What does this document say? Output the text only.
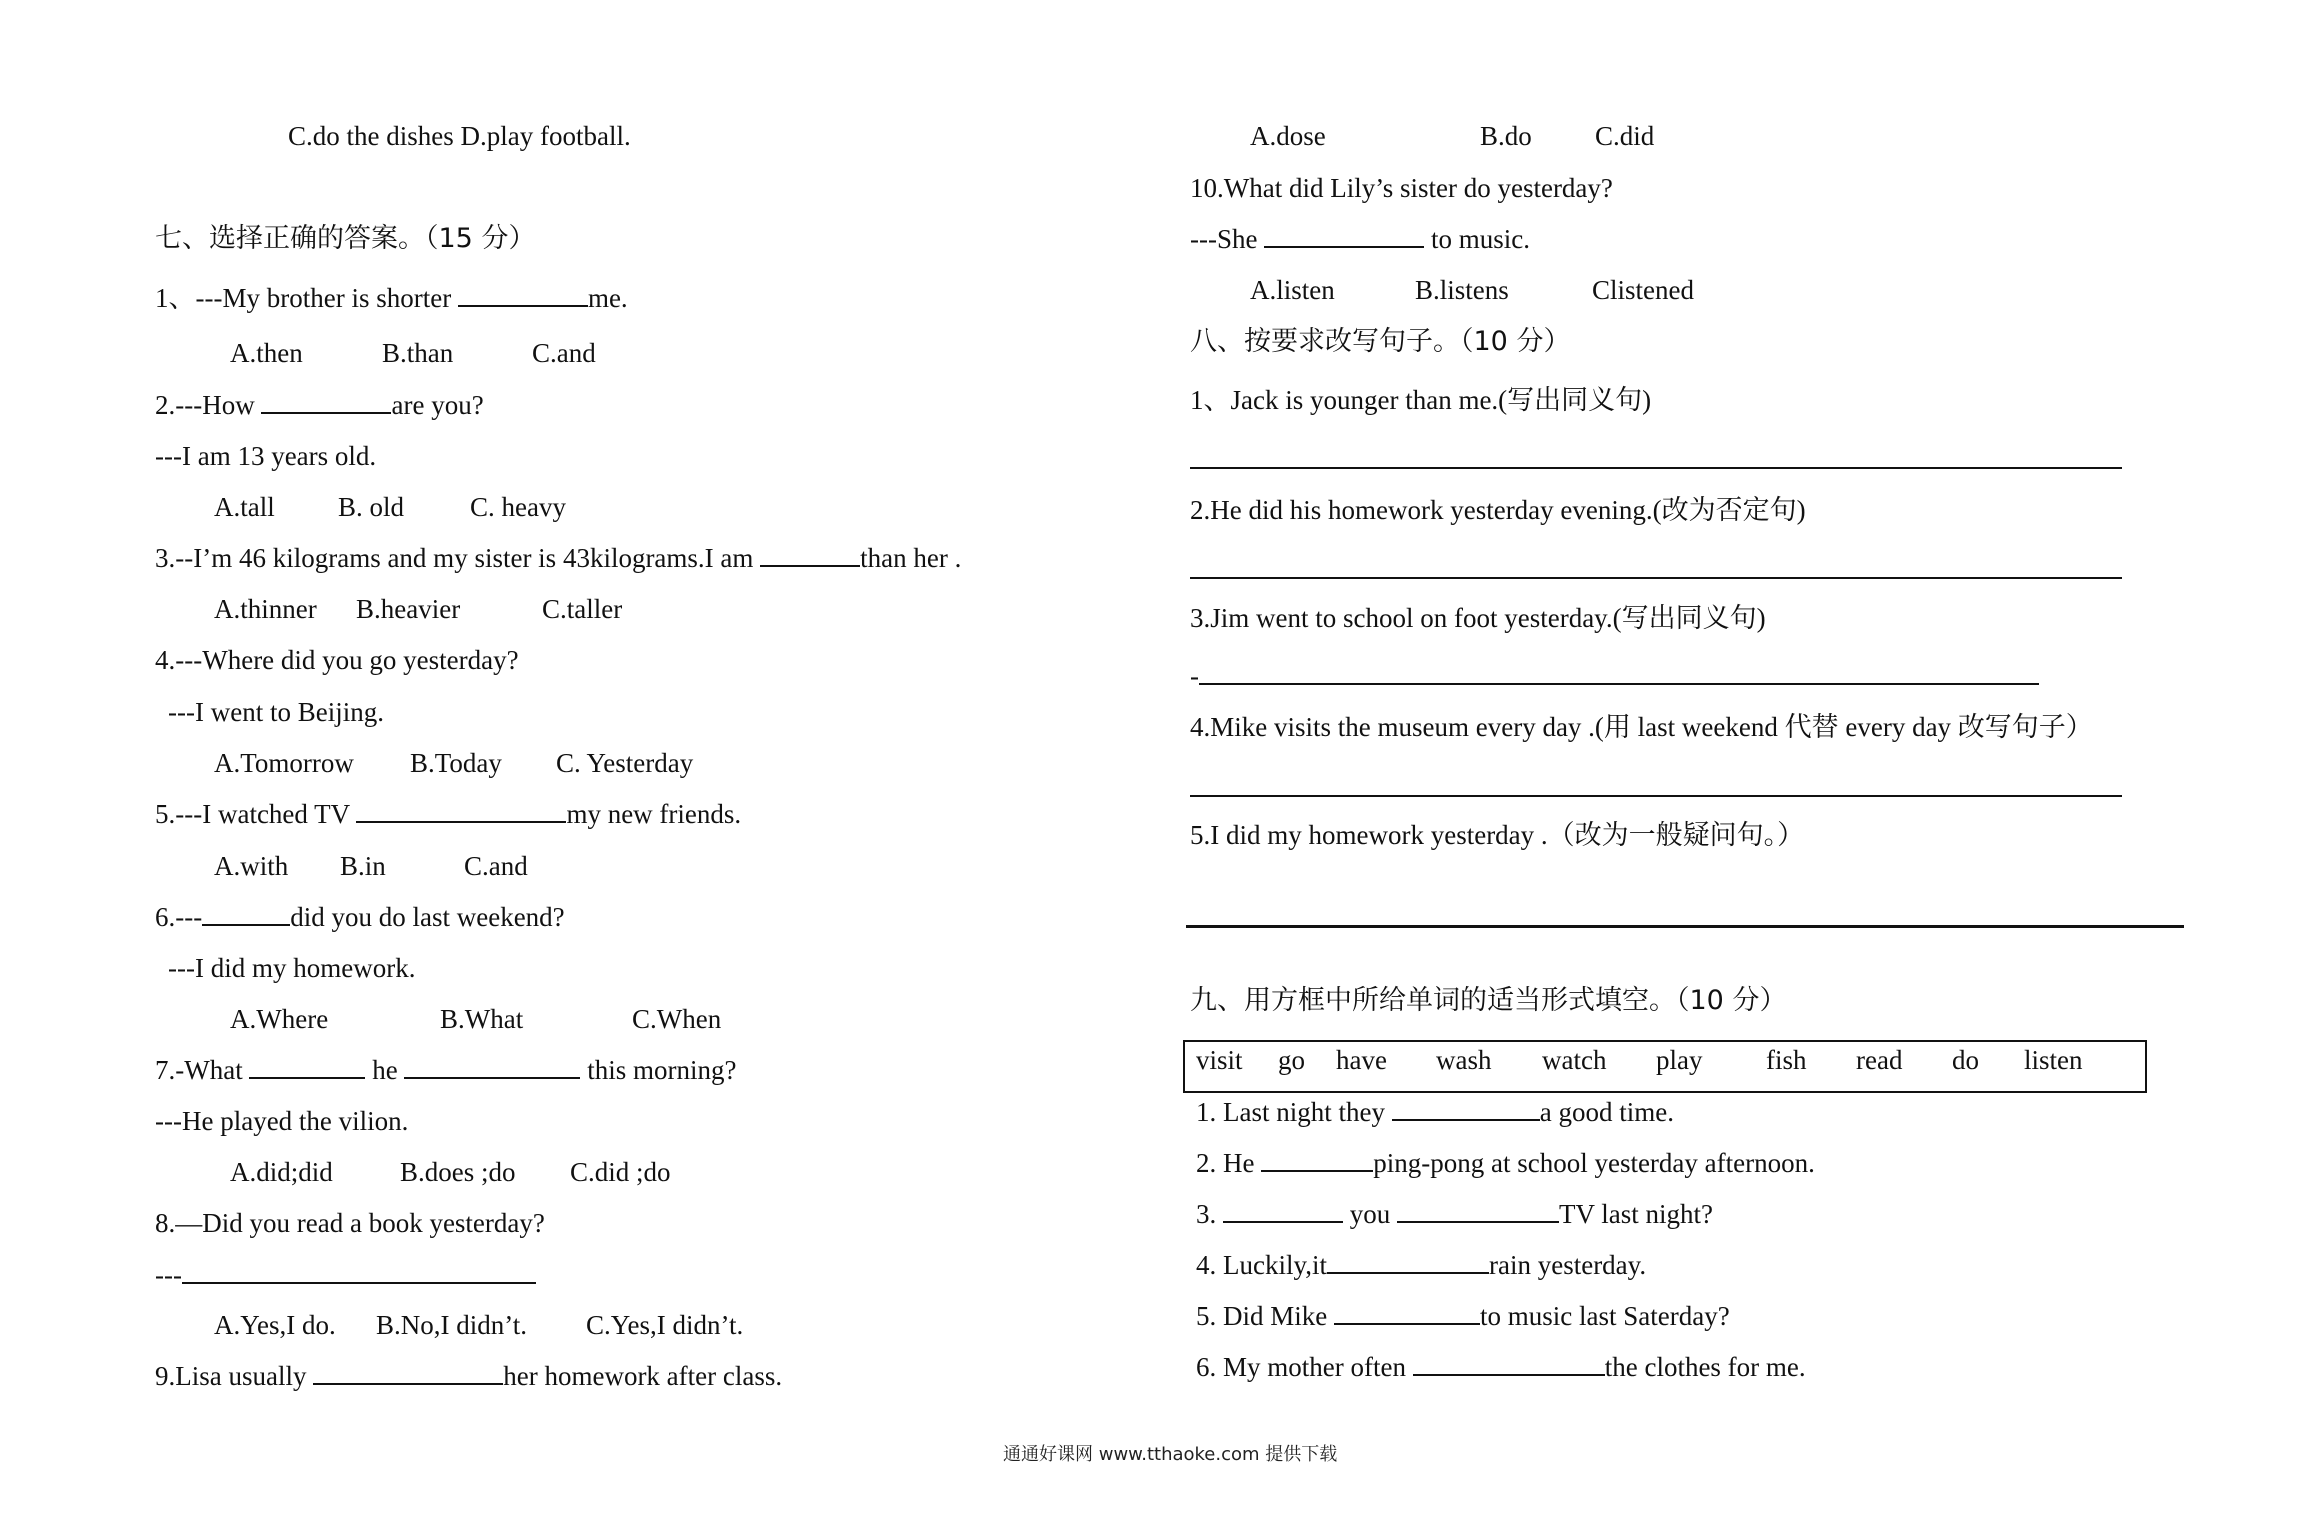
C.do the dishes D.play football.
七、选择正确的答案。（15 分）
1、---My brother is shorter	me.
A.then	B.than	C.and
2.---How	are you?
---I am 13 years old.
A.tall B. old C. heavy
3.--I’m 46 kilograms and my sister is 43kilograms.I am	than her .
A.thinner B.heavier	C.taller
4.---Where did you go yesterday?
---I went to Beijing.
A.Tomorrow B.Today C. Yesterday
5.---I watched TV	my new friends.
A.with B.in	C.and
6.---	did you do last weekend?
---I did my homework.
A.Where	B.What	C.When
7.-What	he	this morning?
---He played the vilion.
A.did;did B.does ;do C.did ;do
8.—Did you read a book yesterday?
---
A.Yes,I do. B.No,I didn’t. C.Yes,I didn’t.
9.Lisa usually	her homework after class.
A.dose	B.do C.did
10.What did Lily’s sister do yesterday?
---She	to music.
A.listen	B.listens	Clistened
八、按要求改写句子。（10 分）
1、Jack is younger than me.(写出同义句)
2.He did his homework yesterday evening.(改为否定句)
3.Jim went to school on foot yesterday.(写出同义句)
-
4.Mike visits the museum every day .(用 last weekend 代替 every day 改写句子）
5.I did my homework yesterday .（改为一般疑问句。）
九、用方框中所给单词的适当形式填空。（10 分）
visit go have wash watch play fish read do listen
1. Last night they	a good time.
2. He	ping-pong at school yesterday afternoon.
3.	you	TV last night?
4. Luckily,it	rain yesterday.
5. Did Mike	to music last Saterday?
6. My mother often	the clothes for me.
通通好课网 www.tthaoke.com 提供下载
